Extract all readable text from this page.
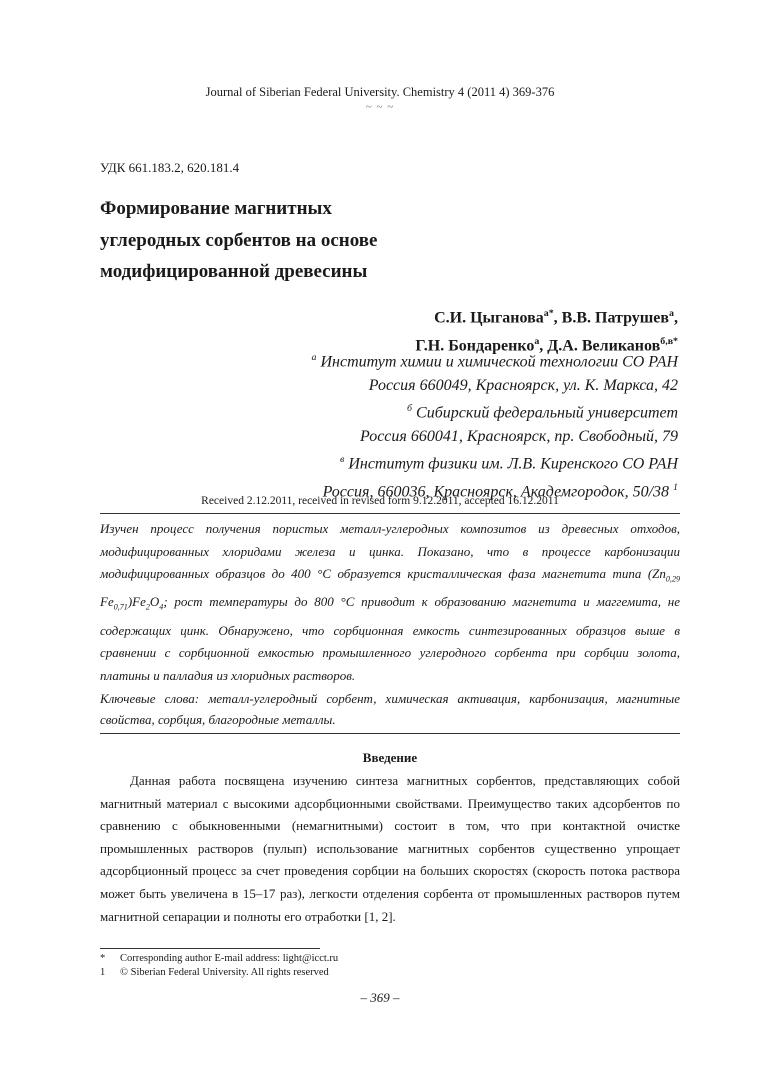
Journal of Siberian Federal University. Chemistry 4 (2011 4) 369-376
~ ~ ~
УДК 661.183.2, 620.181.4
Формирование магнитных
углеродных сорбентов на основе
модифицированной древесины
С.И. Цыганова$^{а*}$, В.В. Патрушев$^а$,
Г.Н. Бондаренко$^а$, Д.А. Великанов$^{б,в*}$
$^а$ Институт химии и химической технологии СО РАН
Россия 660049, Красноярск, ул. К. Маркса, 42
$^б$ Сибирский федеральный университет
Россия 660041, Красноярск, пр. Свободный, 79
$^в$ Институт физики им. Л.В. Киренского СО РАН
Россия, 660036, Красноярск, Академгородок, 50/38 $^1$
Received 2.12.2011, received in revised form 9.12.2011, accepted 16.12.2011
Изучен процесс получения пористых металл-углеродных композитов из древесных отходов, модифицированных хлоридами железа и цинка. Показано, что в процессе карбонизации модифицированных образцов до 400 °С образуется кристаллическая фаза магнетита типа ($Zn_{0,29}$ $Fe_{0,71})Fe_2O_4$; рост температуры до 800 °С приводит к образованию магнетита и маггемита, не содержащих цинк. Обнаружено, что сорбционная емкость синтезированных образцов выше в сравнении с сорбционной емкостью промышленного углеродного сорбента при сорбции золота, платины и палладия из хлоридных растворов.
Ключевые слова: металл-углеродный сорбент, химическая активация, карбонизация, магнитные свойства, сорбция, благородные металлы.
Введение

Данная работа посвящена изучению синтеза магнитных сорбентов, представляющих собой магнитный материал с высокими адсорбционными свойствами. Преимущество таких адсорбентов по сравнению с обыкновенными (немагнитными) состоит в том, что при контактной очистке промышленных растворов (пулып) использование магнитных сорбентов существенно упрощает адсорбционный процесс за счет проведения сорбции на больших скоростях (скорость потока раствора может быть увеличена в 15–17 раз), легкости отделения сорбента от промышленных растворов путем магнитной сепарации и полноты его отработки [1, 2].

*	Corresponding author E-mail address: light@icct.ru
1	© Siberian Federal University. All rights reserved
– 369 –
